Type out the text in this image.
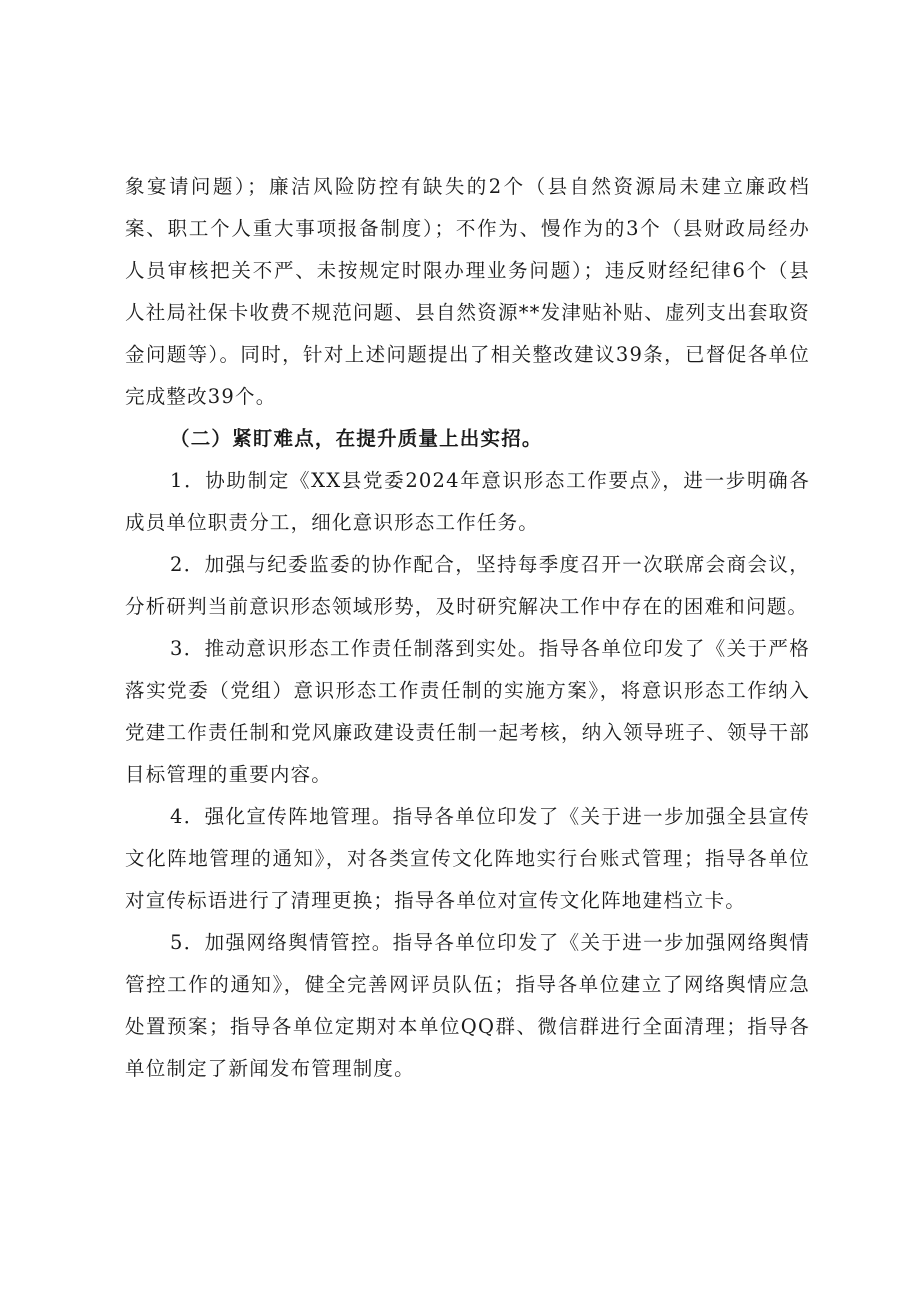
象宴请问题）；廉洁风险防控有缺失的2个（县自然资源局未建立廉政档案、职工个人重大事项报备制度）；不作为、慢作为的3个（县财政局经办人员审核把关不严、未按规定时限办理业务问题）；违反财经纪律6个（县人社局社保卡收费不规范问题、县自然资源**发津贴补贴、虚列支出套取资金问题等）。同时，针对上述问题提出了相关整改建议39条，已督促各单位完成整改39个。

（二）紧盯难点，在提升质量上出实招。

1．协助制定《XX县党委2024年意识形态工作要点》，进一步明确各成员单位职责分工，细化意识形态工作任务。

2．加强与纪委监委的协作配合，坚持每季度召开一次联席会商会议，分析研判当前意识形态领域形势，及时研究解决工作中存在的困难和问题。

3．推动意识形态工作责任制落到实处。指导各单位印发了《关于严格落实党委（党组）意识形态工作责任制的实施方案》，将意识形态工作纳入党建工作责任制和党风廉政建设责任制一起考核，纳入领导班子、领导干部目标管理的重要内容。

4．强化宣传阵地管理。指导各单位印发了《关于进一步加强全县宣传文化阵地管理的通知》，对各类宣传文化阵地实行台账式管理；指导各单位对宣传标语进行了清理更换；指导各单位对宣传文化阵地建档立卡。

5．加强网络舆情管控。指导各单位印发了《关于进一步加强网络舆情管控工作的通知》，健全完善网评员队伍；指导各单位建立了网络舆情应急处置预案；指导各单位定期对本单位QQ群、微信群进行全面清理；指导各单位制定了新闻发布管理制度。
